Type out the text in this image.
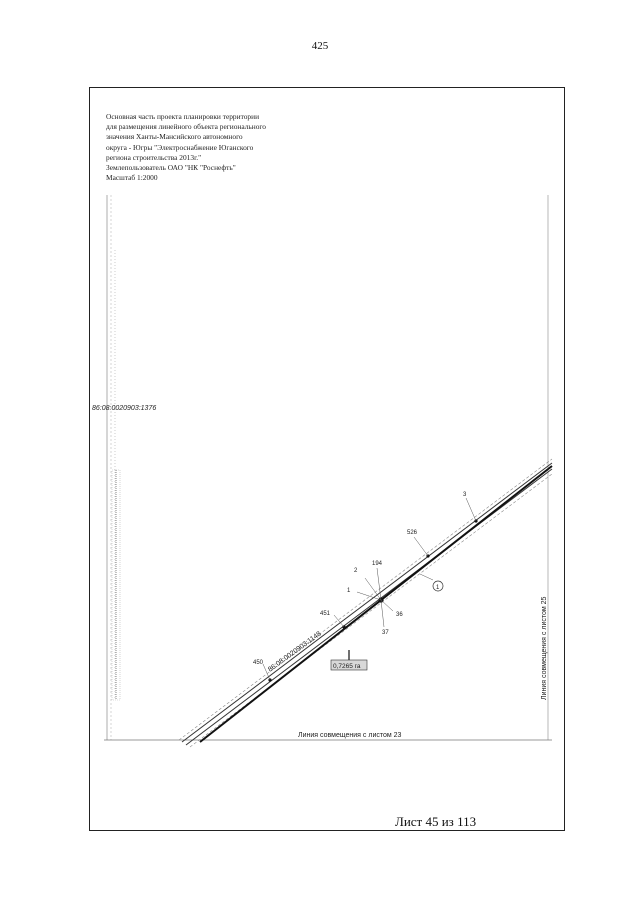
425
86:08:0020903:1376
86:08:0020903:1148 0,7265 га
3
526
194
2
1
36
37
451
450
1
Линия совмещения с листом 23
Линия совмещения с листом 25
Основная часть проекта планировки территории
для размещения линейного объекта регионального
значения Ханты-Мансийского автономного
округа - Югры "Электроснабжение Юганского
региона строительства 2013г."
Землепользователь ОАО "НК "Роснефть"
Масштаб 1:2000
Лист 45 из 113
